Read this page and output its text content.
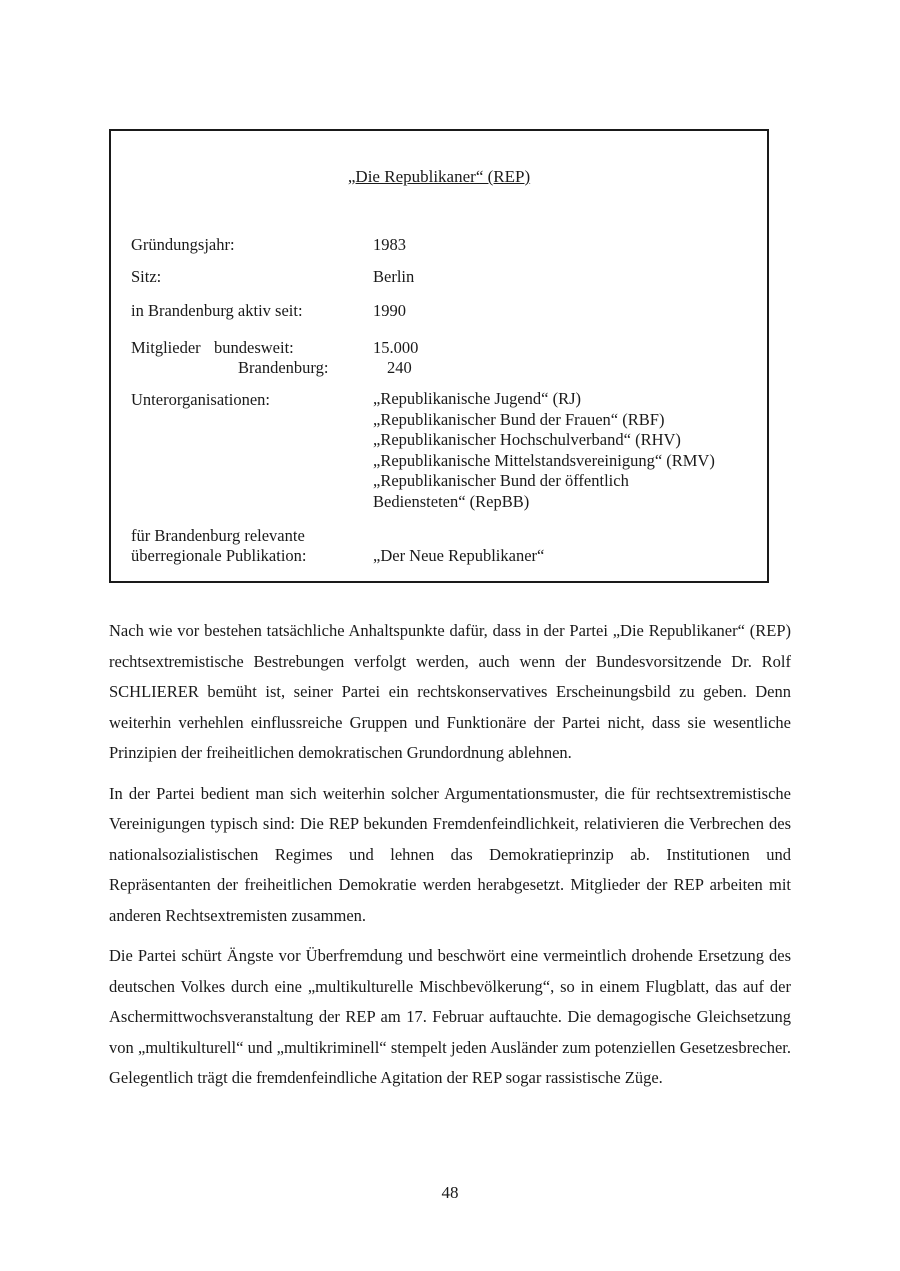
„Die Republikaner“ (REP)
Gründungsjahr:	1983
Sitz:	Berlin
in Brandenburg aktiv seit:	1990
Mitglieder bundesweit:	15.000
Brandenburg:	240
Unterorganisationen:	„Republikanische Jugend“ (RJ)
„Republikanischer Bund der Frauen“ (RBF)
„Republikanischer Hochschulverband“ (RHV)
„Republikanische Mittelstandsvereinigung“ (RMV)
„Republikanischer Bund der öffentlich
Bediensteten“ (RepBB)
für Brandenburg relevante
überregionale Publikation:	„Der Neue Republikaner“

Nach wie vor bestehen tatsächliche Anhaltspunkte dafür, dass in der Partei „Die Republikaner“ (REP) rechtsextremistische Bestrebungen verfolgt werden, auch wenn der Bundesvorsitzende Dr. Rolf SCHLIERER bemüht ist, seiner Partei ein rechtskonservatives Erscheinungsbild zu geben. Denn weiterhin verhehlen einflussreiche Gruppen und Funktionäre der Partei nicht, dass sie wesentliche Prinzipien der freiheitlichen demokratischen Grundordnung ablehnen.

In der Partei bedient man sich weiterhin solcher Argumentationsmuster, die für rechtsextremistische Vereinigungen typisch sind: Die REP bekunden Fremdenfeindlichkeit, relativieren die Verbrechen des nationalsozialistischen Regimes und lehnen das Demokratieprinzip ab. Institutionen und Repräsentanten der freiheitlichen Demokratie werden herabgesetzt. Mitglieder der REP arbeiten mit anderen Rechtsextremisten zusammen.

Die Partei schürt Ängste vor Überfremdung und beschwört eine vermeintlich drohende Ersetzung des deutschen Volkes durch eine „multikulturelle Mischbevölkerung“, so in einem Flugblatt, das auf der Aschermittwochsveranstaltung der REP am 17. Februar auftauchte. Die demagogische Gleichsetzung von „multikulturell“ und „multikriminell“ stempelt jeden Ausländer zum potenziellen Gesetzesbrecher. Gelegentlich trägt die fremdenfeindliche Agitation der REP sogar rassistische Züge.

48
